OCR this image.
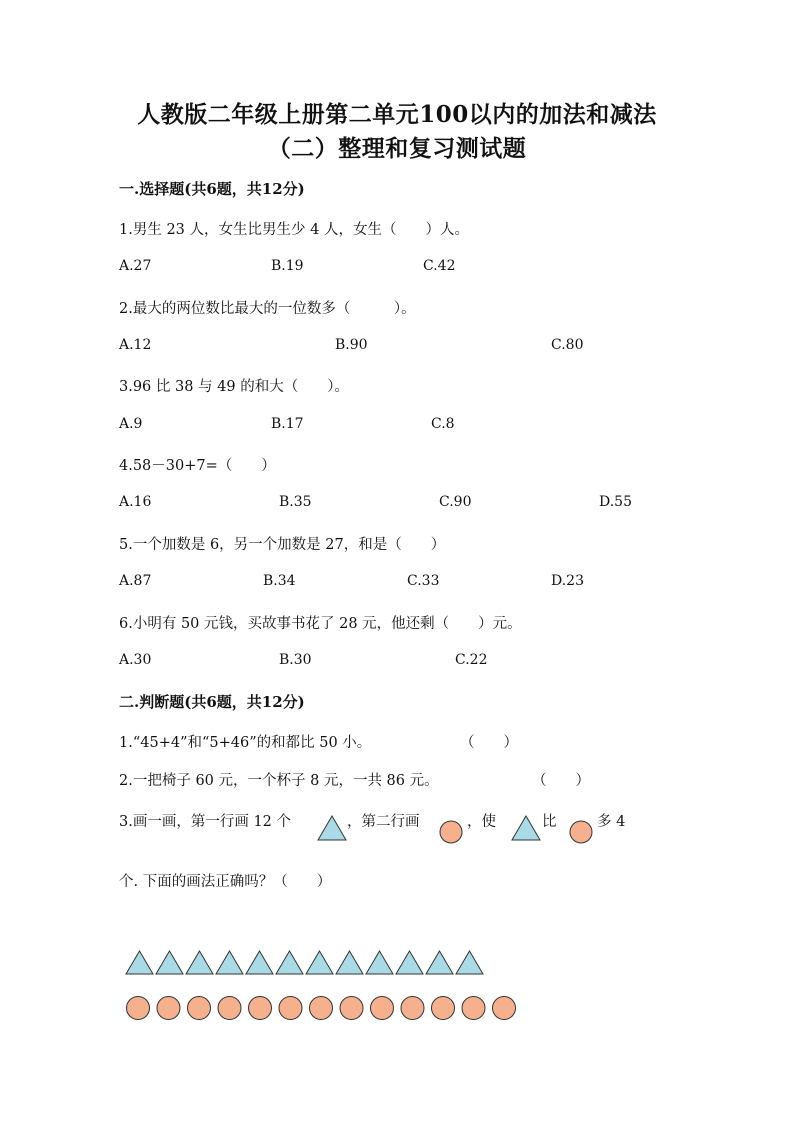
人教版二年级上册第二单元100以内的加法和减法
（二）整理和复习测试题
一.选择题(共6题，共12分)
1.男生 23 人，女生比男生少 4 人，女生（　　）人。
A.27	B.19	C.42
2.最大的两位数比最大的一位数多（　　　）。
A.12	B.90	C.80
3.96 比 38 与 49 的和大（　　）。
A.9	B.17	C.8
4.58－30+7=（　　）
A.16	B.35	C.90	D.55
5.一个加数是 6，另一个加数是 27，和是（　　）
A.87	B.34	C.33	D.23
6.小明有 50 元钱，买故事书花了 28 元，他还剩（　　）元。
A.30	B.30	C.22
二.判断题(共6题，共12分)
1.“45+4”和“5+46”的和都比 50 小。	（　　）
2.一把椅子 60 元，一个杯子 8 元，一共 86 元。	（　　）
3.画一画，第一行画 12 个	，第二行画	，使	比	多 4
个. 下面的画法正确吗？（　　）
